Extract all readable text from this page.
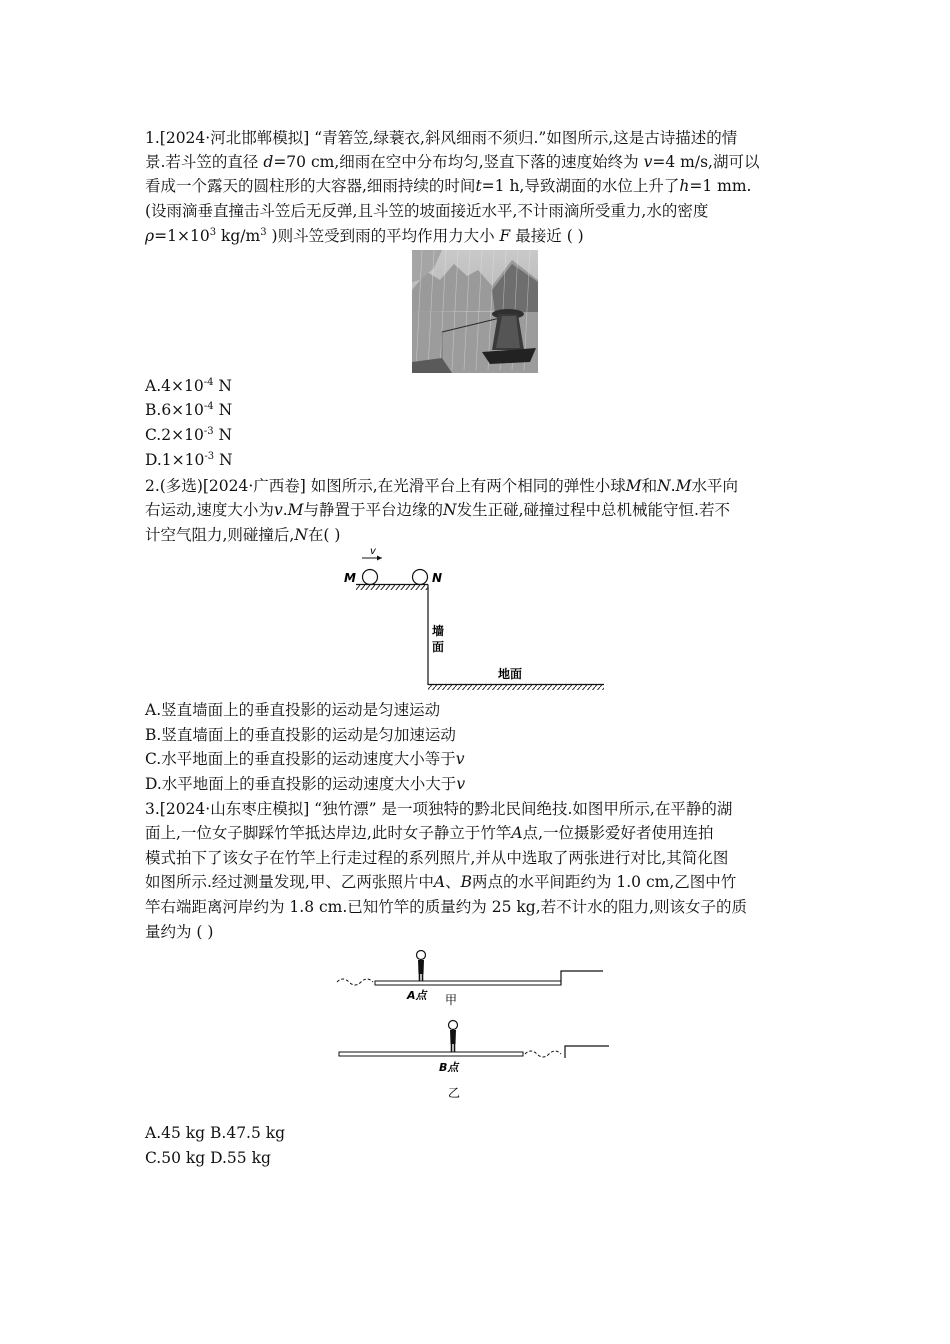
1.[2024·河北邯郸模拟] “青箬笠,绿蓑衣,斜风细雨不须归.”如图所示,这是古诗描述的情
景.若斗笠的直径 d=70 cm,细雨在空中分布均匀,竖直下落的速度始终为 v=4 m/s,湖可以
看成一个露天的圆柱形的大容器,细雨持续的时间t=1 h,导致湖面的水位上升了h=1 mm.
(设雨滴垂直撞击斗笠后无反弹,且斗笠的坡面接近水平,不计雨滴所受重力,水的密度
$\rho=1\times 10^3$ $kg/m^3$ )则斗笠受到雨的平均作用力大小 F 最接近 ( )
$A.4\times 10^{-4}$ N
$B.6\times 10^{-4}$ N
$C.2\times 10^{-3}$ N
$D.1\times 10^{-3}$ N
2.(多选)[2024·广西卷] 如图所示,在光滑平台上有两个相同的弹性小球M和N.M水平向
右运动,速度大小为v.M与静置于平台边缘的N发生正碰,碰撞过程中总机械能守恒.若不
计空气阻力,则碰撞后,N在( )
v
M	N
墙
面
地面
A.竖直墙面上的垂直投影的运动是匀速运动
B.竖直墙面上的垂直投影的运动是匀加速运动
C.水平地面上的垂直投影的运动速度大小等于v
D.水平地面上的垂直投影的运动速度大小大于v
3.[2024·山东枣庄模拟] “独竹漂” 是一项独特的黔北民间绝技.如图甲所示,在平静的湖
面上,一位女子脚踩竹竿抵达岸边,此时女子静立于竹竿A点,一位摄影爱好者使用连拍
模式拍下了该女子在竹竿上行走过程的系列照片,并从中选取了两张进行对比,其简化图
如图所示.经过测量发现,甲、乙两张照片中A、B两点的水平间距约为 1.0 cm,乙图中竹
竿右端距离河岸约为 1.8 cm.已知竹竿的质量约为 25 kg,若不计水的阻力,则该女子的质
量约为 ( )
A点 甲
B点
乙
A.45 kg B.47.5 kg
C.50 kg D.55 kg
